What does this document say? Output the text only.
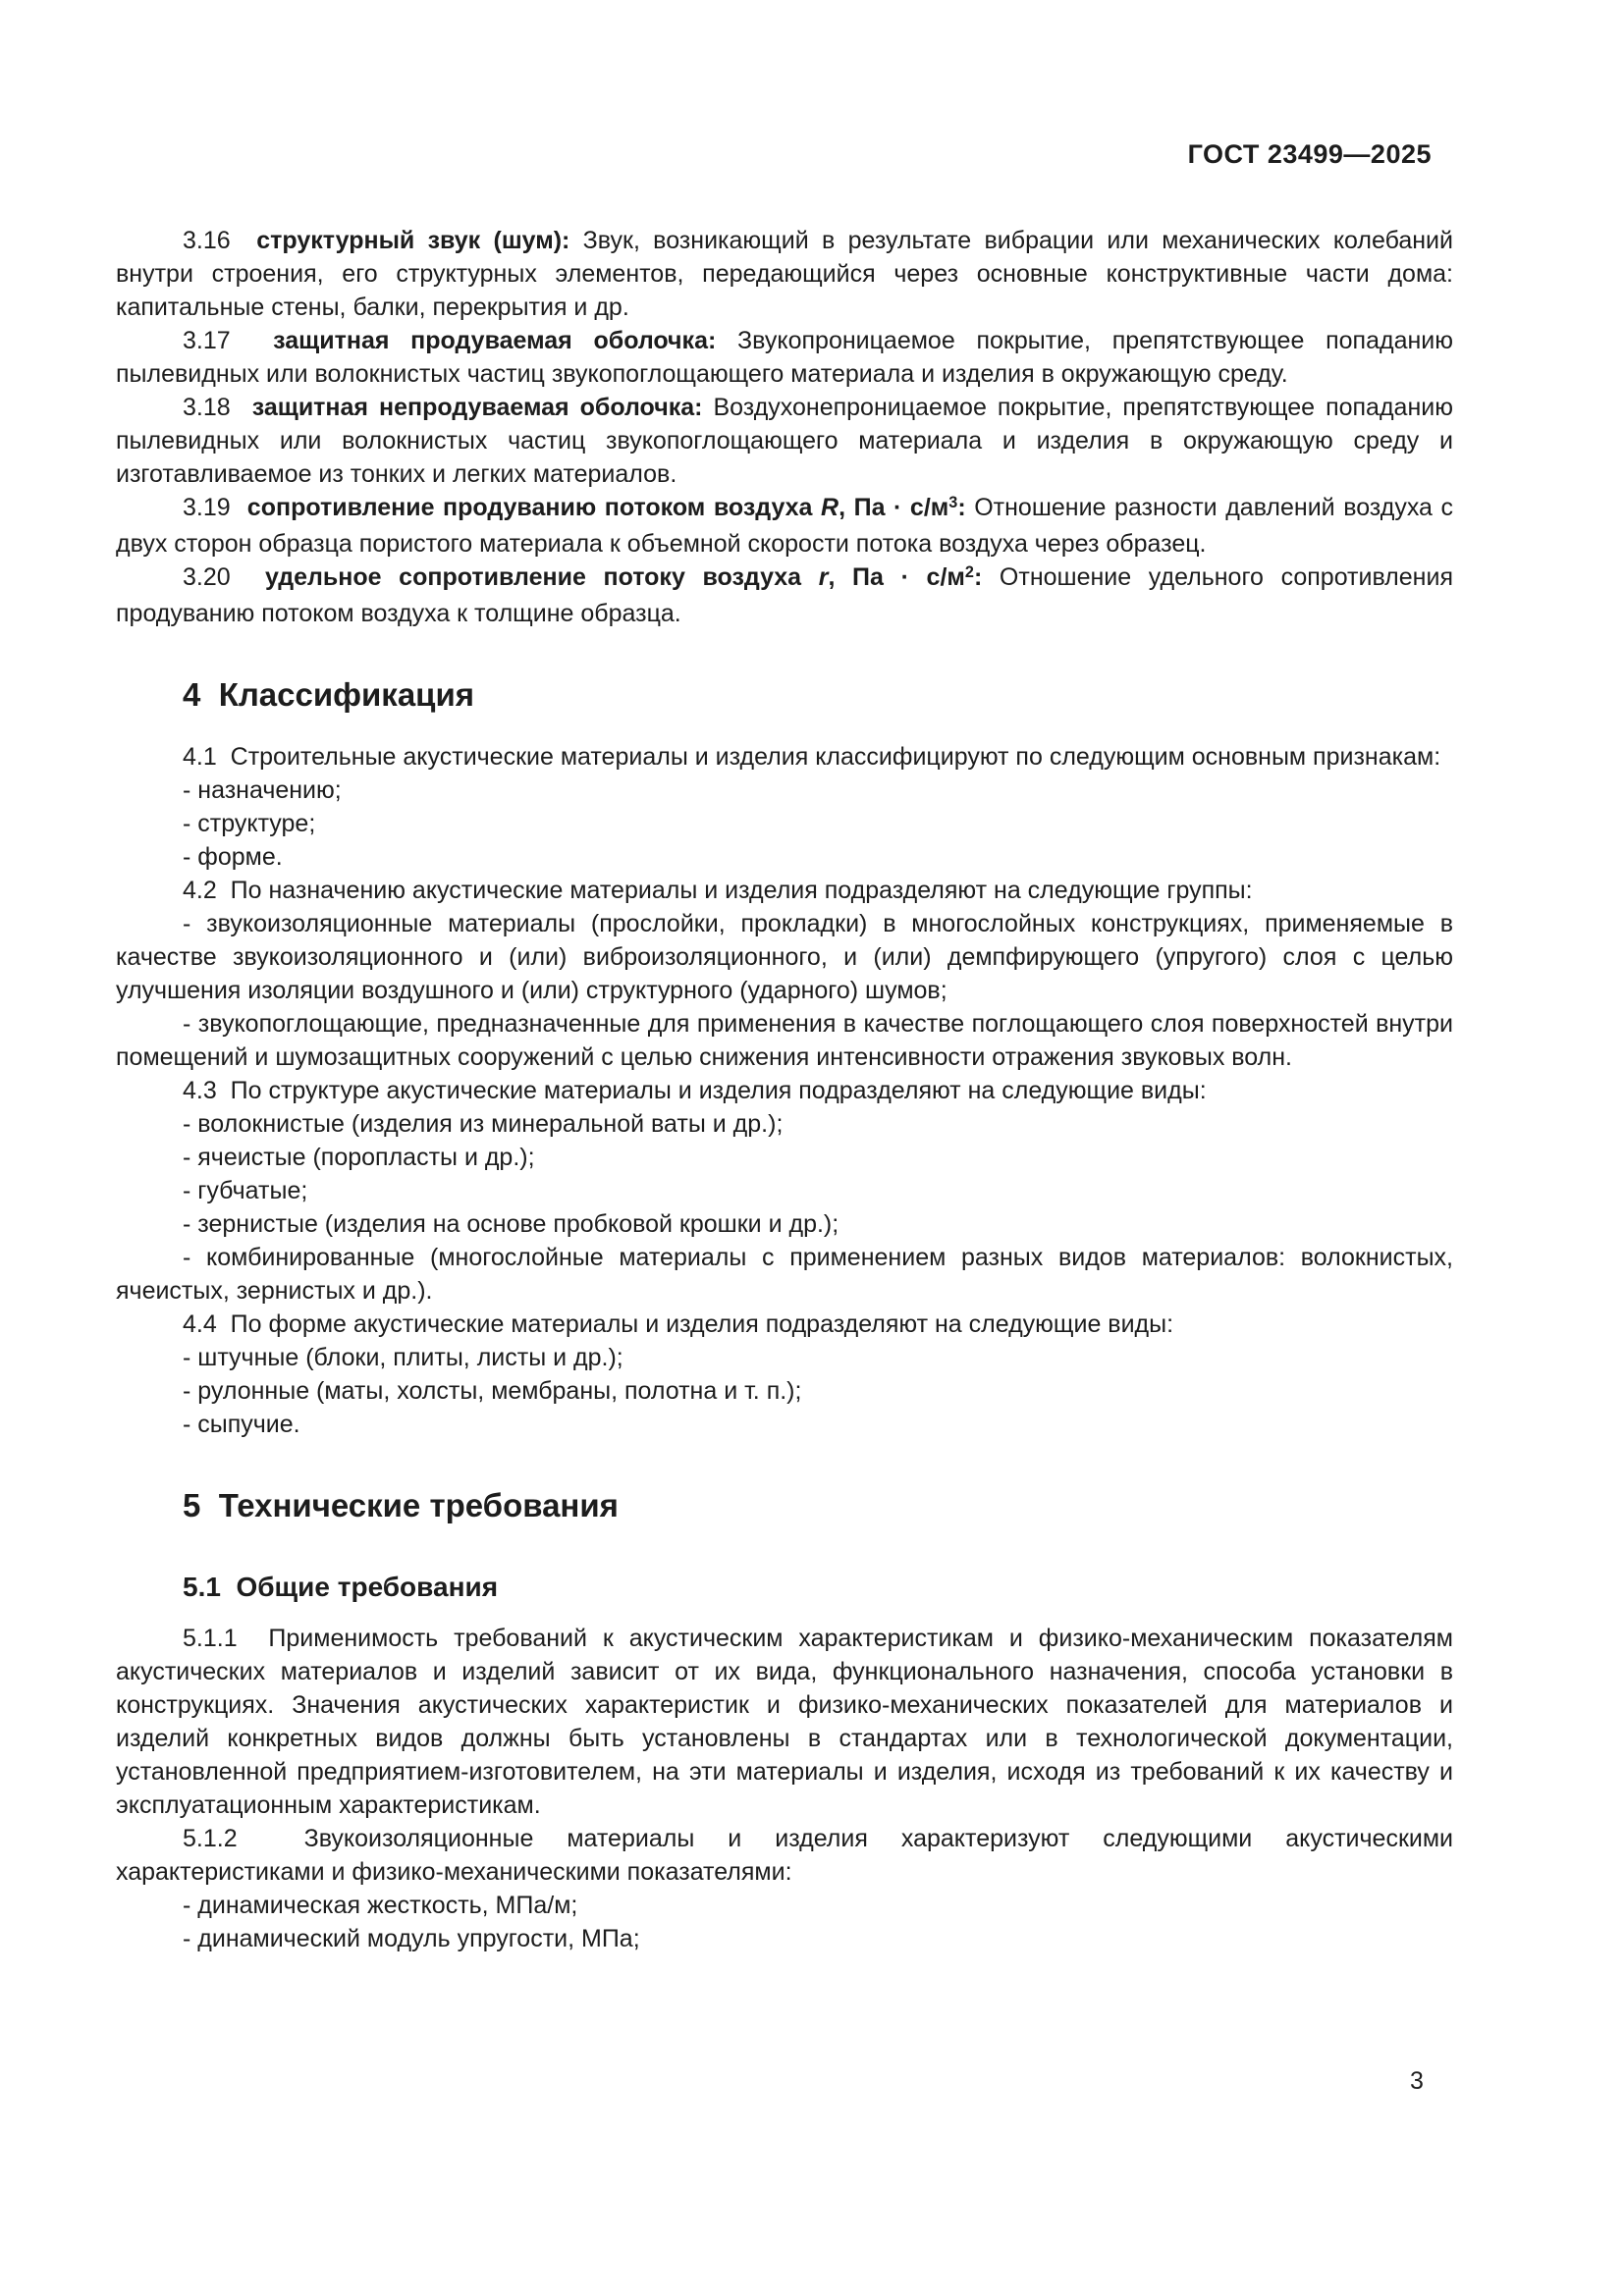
ГОСТ 23499—2025

3.16  структурный звук (шум): Звук, возникающий в результате вибрации или механических колебаний внутри строения, его структурных элементов, передающийся через основные конструктивные части дома: капитальные стены, балки, перекрытия и др.

3.17  защитная продуваемая оболочка: Звукопроницаемое покрытие, препятствующее попаданию пылевидных или волокнистых частиц звукопоглощающего материала и изделия в окружающую среду.

3.18  защитная непродуваемая оболочка: Воздухонепроницаемое покрытие, препятствующее попаданию пылевидных или волокнистых частиц звукопоглощающего материала и изделия в окружающую среду и изготавливаемое из тонких и легких материалов.

3.19  сопротивление продуванию потоком воздуха R, Па · $с/м^3$: Отношение разности давлений воздуха с двух сторон образца пористого материала к объемной скорости потока воздуха через образец.

3.20  удельное сопротивление потоку воздуха r, Па · $с/м^2$: Отношение удельного сопротивления продуванию потоком воздуха к толщине образца.

4  Классификация

4.1  Строительные акустические материалы и изделия классифицируют по следующим основным признакам:

- назначению;

- структуре;

- форме.

4.2  По назначению акустические материалы и изделия подразделяют на следующие группы:

- звукоизоляционные материалы (прослойки, прокладки) в многослойных конструкциях, применяемые в качестве звукоизоляционного и (или) виброизоляционного, и (или) демпфирующего (упругого) слоя с целью улучшения изоляции воздушного и (или) структурного (ударного) шумов;

- звукопоглощающие, предназначенные для применения в качестве поглощающего слоя поверхностей внутри помещений и шумозащитных сооружений с целью снижения интенсивности отражения звуковых волн.

4.3  По структуре акустические материалы и изделия подразделяют на следующие виды:

- волокнистые (изделия из минеральной ваты и др.);

- ячеистые (поропласты и др.);

- губчатые;

- зернистые (изделия на основе пробковой крошки и др.);

- комбинированные (многослойные материалы с применением разных видов материалов: волокнистых, ячеистых, зернистых и др.).

4.4  По форме акустические материалы и изделия подразделяют на следующие виды:

- штучные (блоки, плиты, листы и др.);

- рулонные (маты, холсты, мембраны, полотна и т. п.);

- сыпучие.

5  Технические требования
5.1  Общие требования

5.1.1  Применимость требований к акустическим характеристикам и физико-механическим показателям акустических материалов и изделий зависит от их вида, функционального назначения, способа установки в конструкциях. Значения акустических характеристик и физико-механических показателей для материалов и изделий конкретных видов должны быть установлены в стандартах или в технологической документации, установленной предприятием-изготовителем, на эти материалы и изделия, исходя из требований к их качеству и эксплуатационным характеристикам.

5.1.2  Звукоизоляционные материалы и изделия характеризуют следующими акустическими характеристиками и физико-механическими показателями:

- динамическая жесткость, МПа/м;

- динамический модуль упругости, МПа;

3
